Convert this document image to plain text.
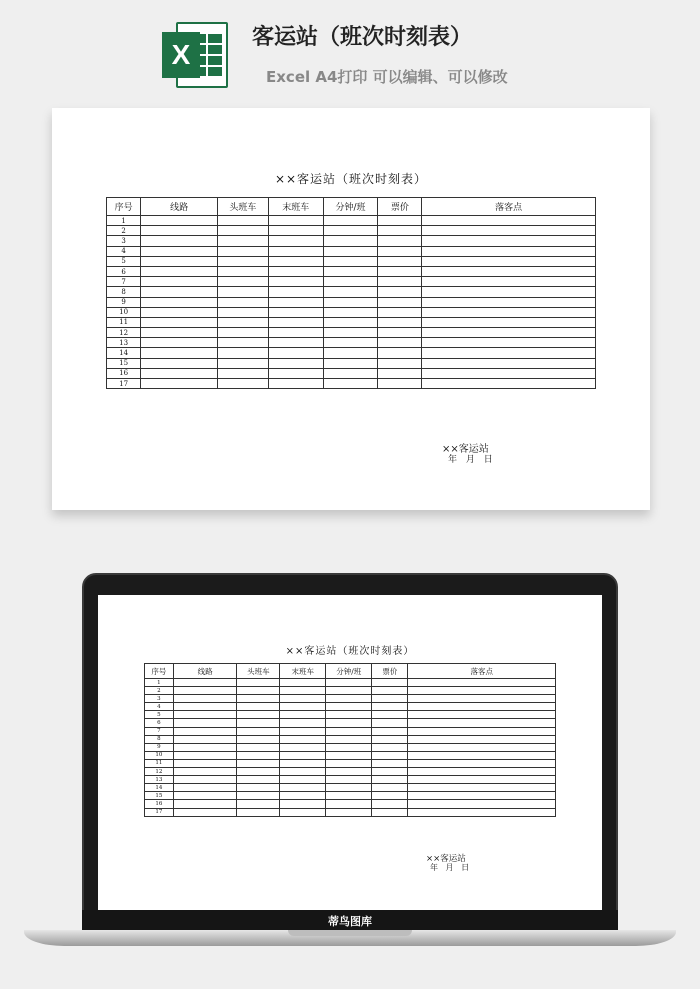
X
客运站（班次时刻表）
Excel A4打印 可以编辑、可以修改
××客运站（班次时刻表）
序号	线路	头班车	末班车	分钟/班	票价	落客点
1						
2						
3						
4						
5						
6						
7						
8						
9						
10						
11						
12						
13						
14						
15						
16						
17						
××客运站
年 月 日
××客运站（班次时刻表）
序号	线路	头班车	末班车	分钟/班	票价	落客点
1						
2						
3						
4						
5						
6						
7						
8						
9						
10						
11						
12						
13						
14						
15						
16						
17						
××客运站
年 月 日
蒂鸟图库
